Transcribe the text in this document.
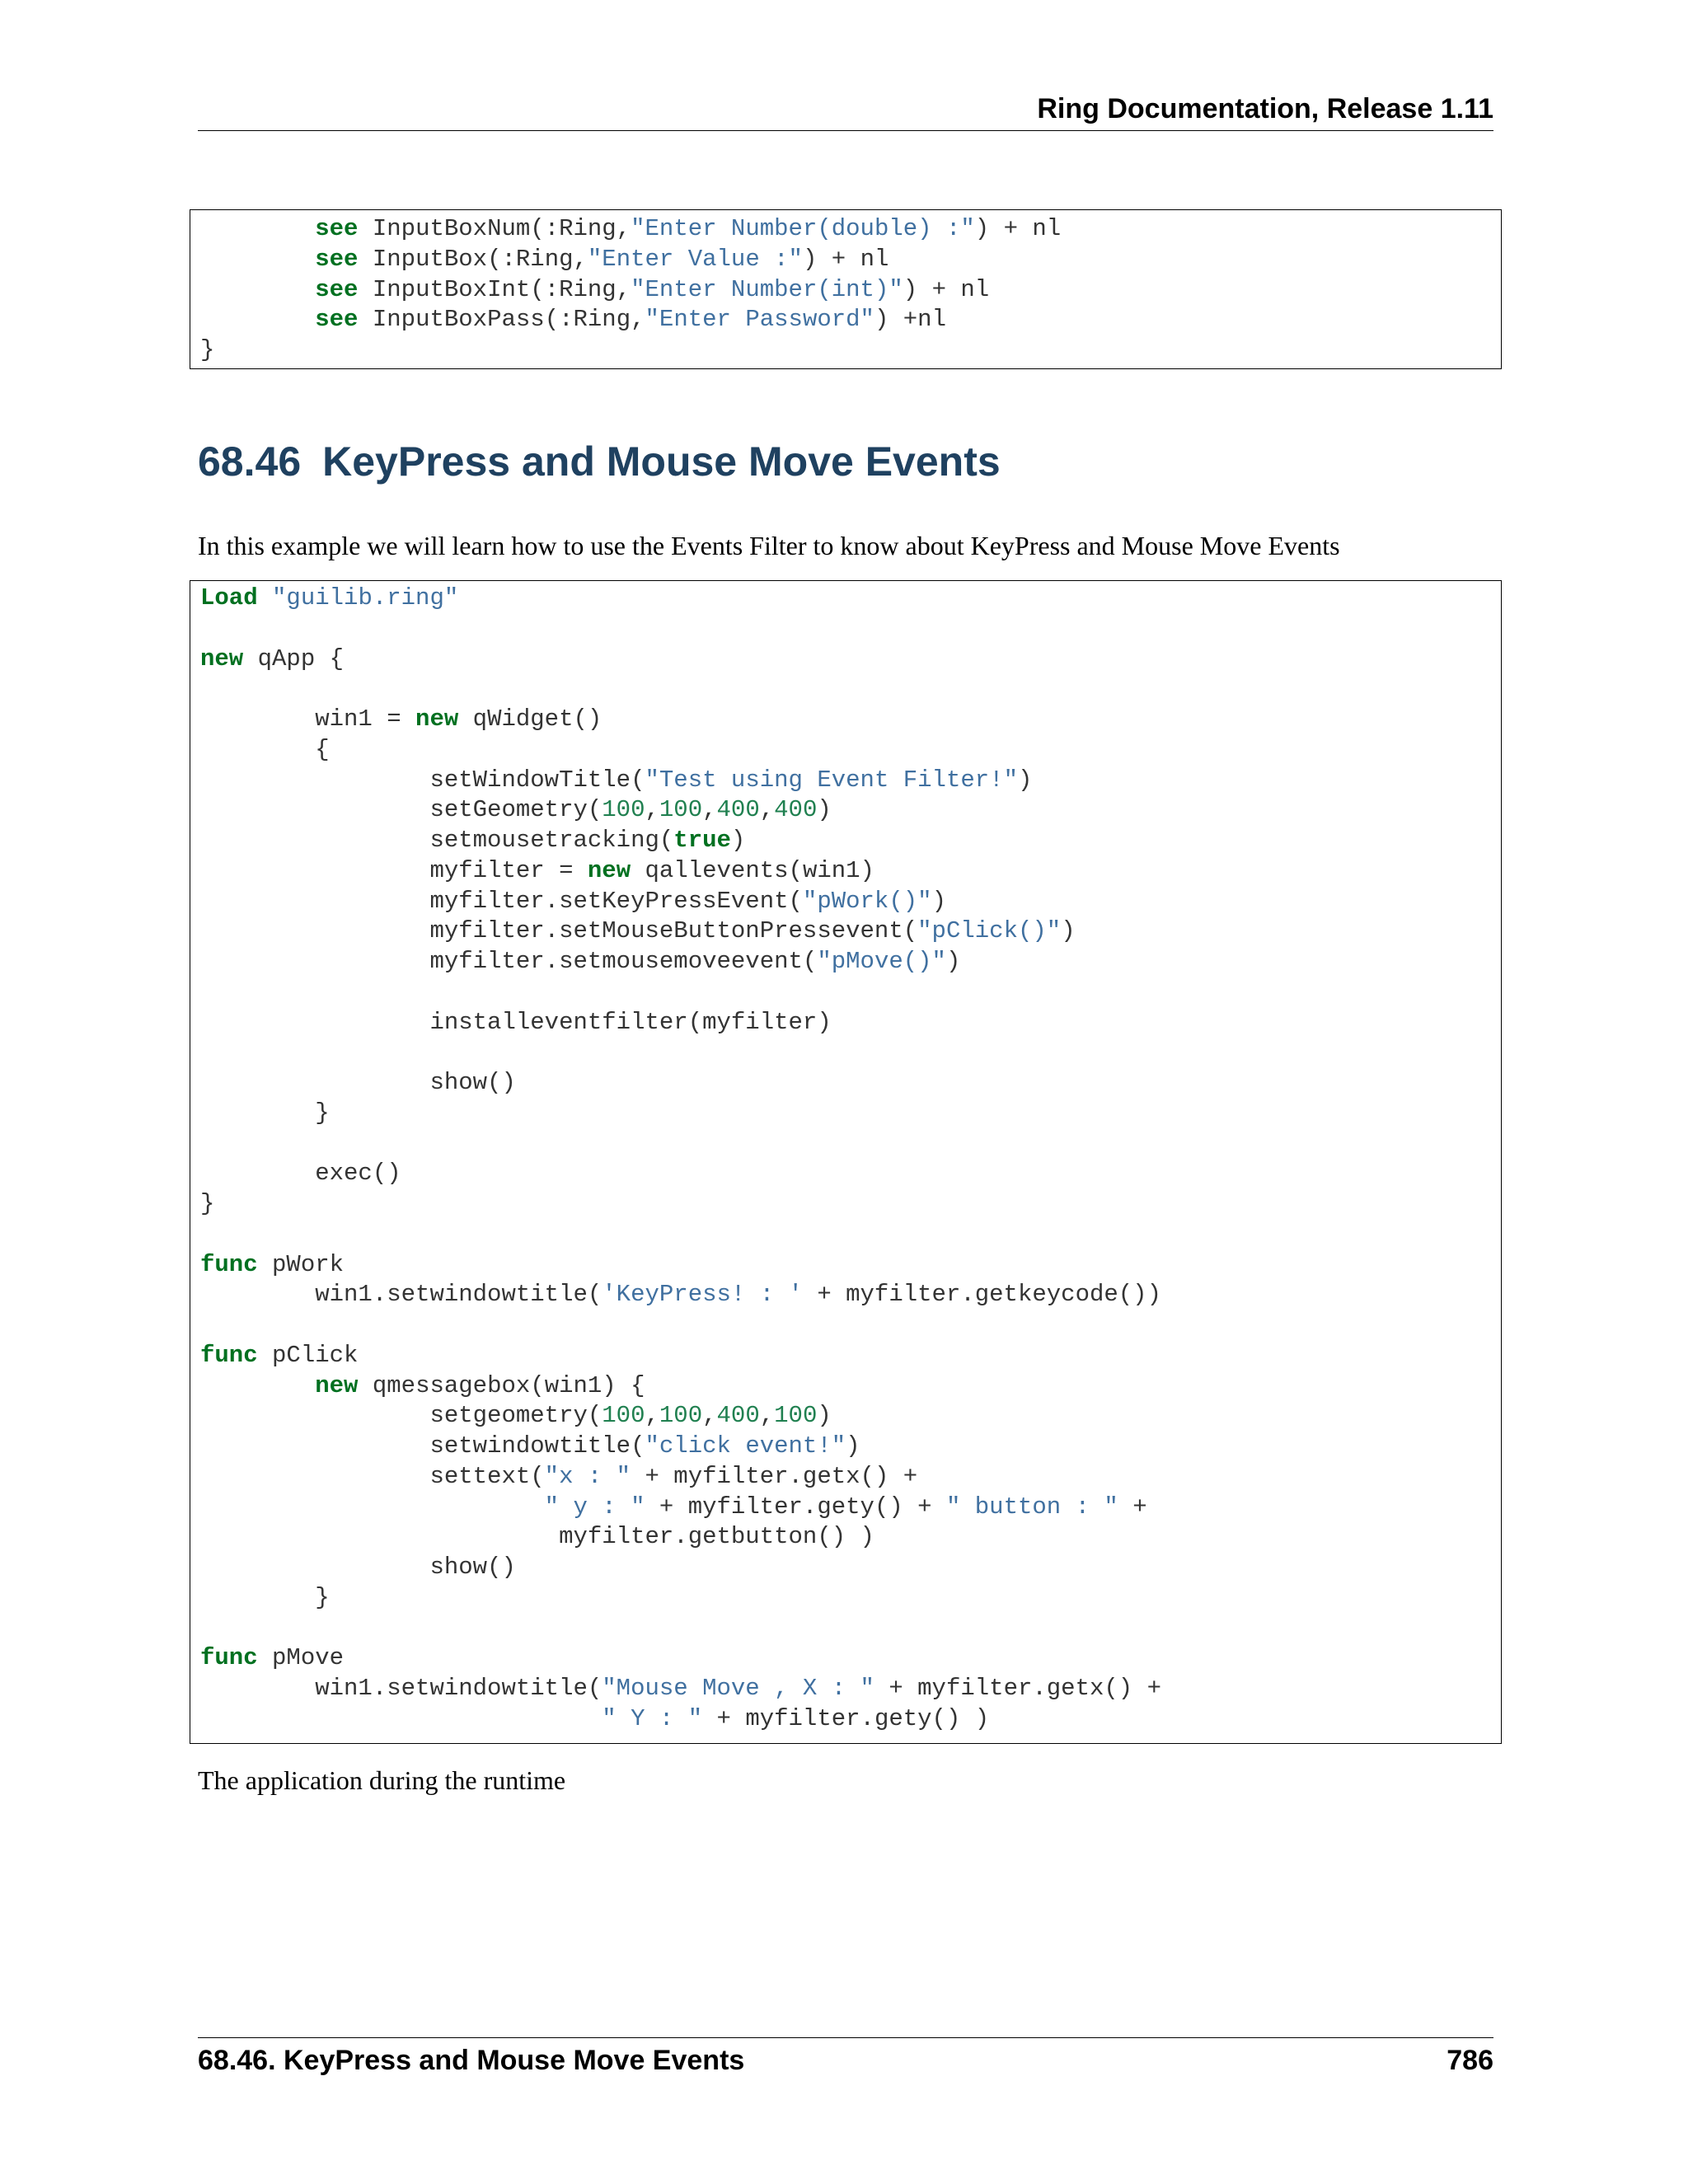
Ring Documentation, Release 1.11
see InputBoxNum(:Ring,"Enter Number(double) :") + nl
see InputBox(:Ring,"Enter Value :") + nl
see InputBoxInt(:Ring,"Enter Number(int)") + nl
see InputBoxPass(:Ring,"Enter Password") +nl
}
68.46 KeyPress and Mouse Move Events
In this example we will learn how to use the Events Filter to know about KeyPress and Mouse Move Events
Load "guilib.ring"

new qApp {

win1 = new qWidget()
{
setWindowTitle("Test using Event Filter!")
setGeometry(100,100,400,400)
setmousetracking(true)
myfilter = new qallevents(win1)
myfilter.setKeyPressEvent("pWork()")
myfilter.setMouseButtonPressevent("pClick()")
myfilter.setmousemoveevent("pMove()")

installeventfilter(myfilter)

show()
}

exec()
}

func pWork
win1.setwindowtitle('KeyPress! : ' + myfilter.getkeycode())

func pClick
new qmessagebox(win1) {
setgeometry(100,100,400,100)
setwindowtitle("click event!")
settext("x : " + myfilter.getx() +
" y : " + myfilter.gety() + " button : " +
myfilter.getbutton() )
show()
}

func pMove
win1.setwindowtitle("Mouse Move , X : " + myfilter.getx() +
" Y : " + myfilter.gety() )
The application during the runtime
68.46. KeyPress and Mouse Move Events	786
